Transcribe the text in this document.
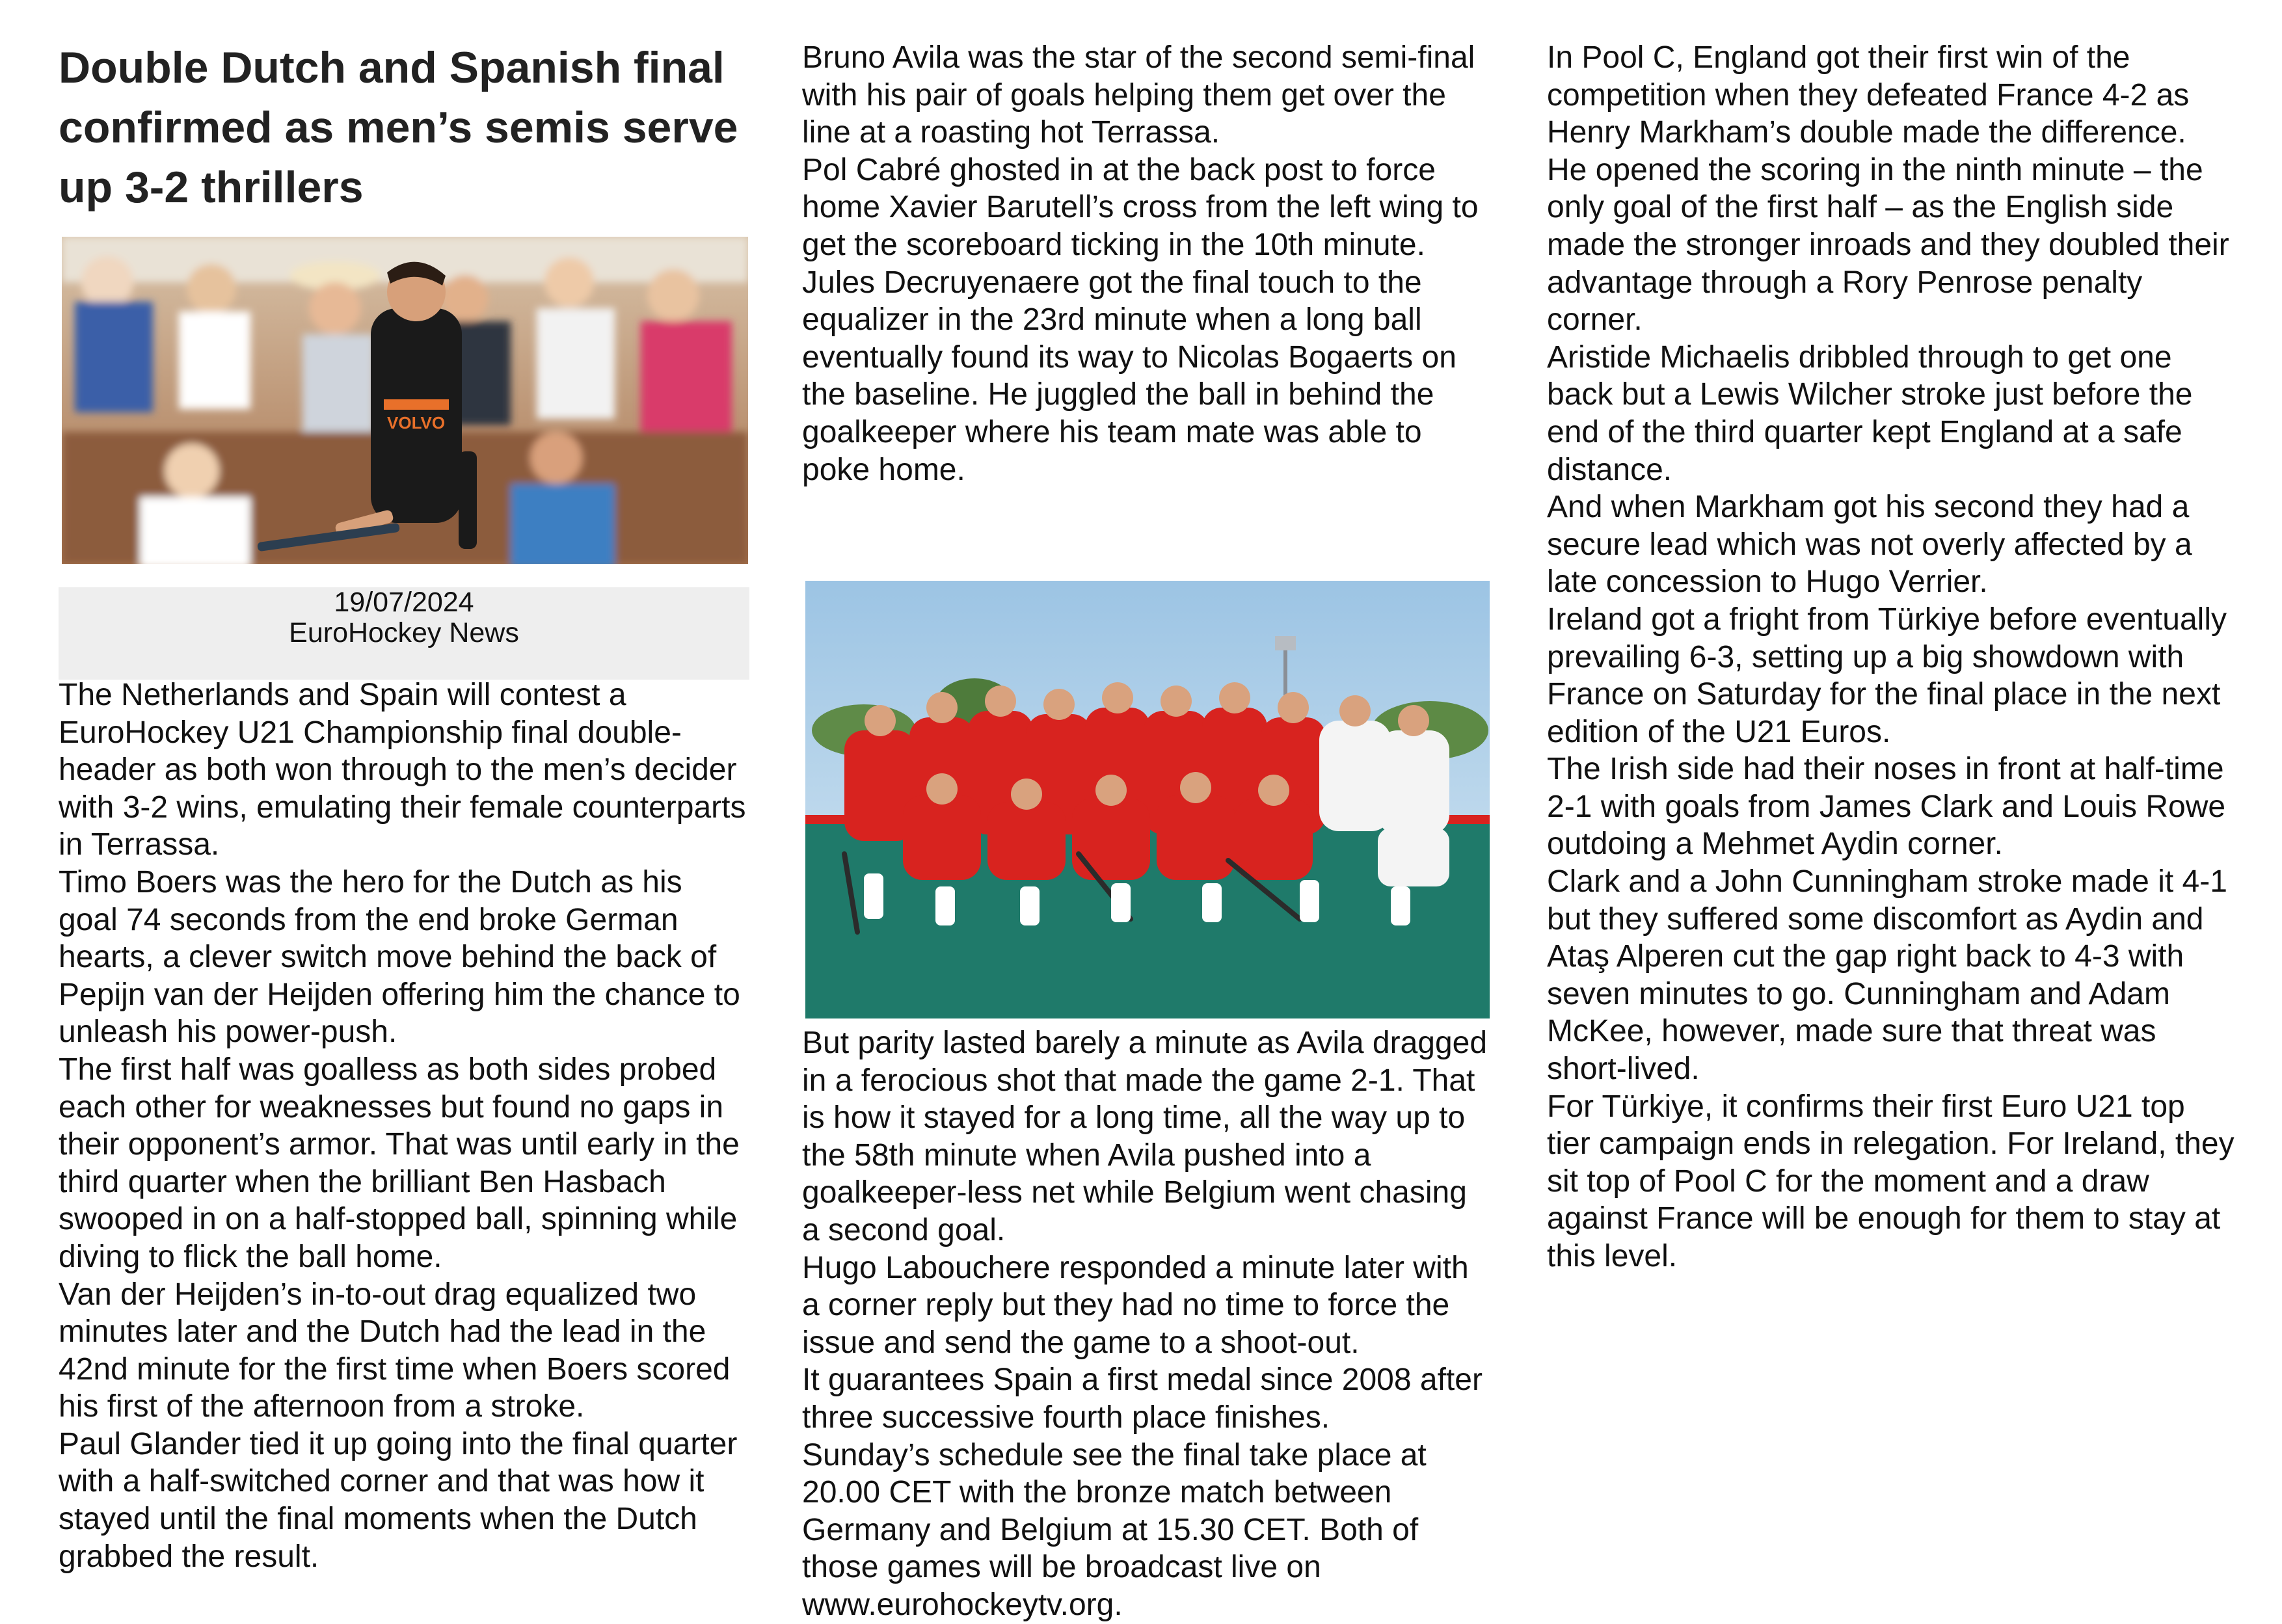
Double Dutch and Spanish final confirmed as men’s semis serve up 3-2 thrillers
VOLVO
19/07/2024
EuroHockey News

The Netherlands and Spain will contest a EuroHockey U21 Championship final double-header as both won through to the men’s decider with 3-2 wins, emulating their female counterparts in Terrassa.

Timo Boers was the hero for the Dutch as his goal 74 seconds from the end broke German hearts, a clever switch move behind the back of Pepijn van der Heijden offering him the chance to unleash his power-push.

The first half was goalless as both sides probed each other for weaknesses but found no gaps in their opponent’s armor. That was until early in the third quarter when the brilliant Ben Hasbach swooped in on a half-stopped ball, spinning while diving to flick the ball home.

Van der Heijden’s in-to-out drag equalized two minutes later and the Dutch had the lead in the 42nd minute for the first time when Boers scored his first of the afternoon from a stroke.

Paul Glander tied it up going into the final quarter with a half-switched corner and that was how it stayed until the final moments when the Dutch grabbed the result.

Bruno Avila was the star of the second semi-final with his pair of goals helping them get over the line at a roasting hot Terrassa.

Pol Cabré ghosted in at the back post to force home Xavier Barutell’s cross from the left wing to get the scoreboard ticking in the 10th minute.

Jules Decruyenaere got the final touch to the equalizer in the 23rd minute when a long ball eventually found its way to Nicolas Bogaerts on the baseline. He juggled the ball in behind the goalkeeper where his team mate was able to poke home.

But parity lasted barely a minute as Avila dragged in a ferocious shot that made the game 2-1. That is how it stayed for a long time, all the way up to the 58th minute when Avila pushed into a goalkeeper-less net while Belgium went chasing a second goal.

Hugo Labouchere responded a minute later with a corner reply but they had no time to force the issue and send the game to a shoot-out.

It guarantees Spain a first medal since 2008 after three successive fourth place finishes.

Sunday’s schedule see the final take place at 20.00 CET with the bronze match between Germany and Belgium at 15.30 CET. Both of those games will be broadcast live on www.eurohockeytv.org.

In Pool C, England got their first win of the competition when they defeated France 4-2 as Henry Markham’s double made the difference.

He opened the scoring in the ninth minute – the only goal of the first half – as the English side made the stronger inroads and they doubled their advantage through a Rory Penrose penalty corner.

Aristide Michaelis dribbled through to get one back but a Lewis Wilcher stroke just before the end of the third quarter kept England at a safe distance.

And when Markham got his second they had a secure lead which was not overly affected by a late concession to Hugo Verrier.

Ireland got a fright from Türkiye before eventually prevailing 6-3, setting up a big showdown with France on Saturday for the final place in the next edition of the U21 Euros.

The Irish side had their noses in front at half-time 2-1 with goals from James Clark and Louis Rowe outdoing a Mehmet Aydin corner.

Clark and a John Cunningham stroke made it 4-1 but they suffered some discomfort as Aydin and Ataş Alperen cut the gap right back to 4-3 with seven minutes to go. Cunningham and Adam McKee, however, made sure that threat was short-lived.

For Türkiye, it confirms their first Euro U21 top tier campaign ends in relegation. For Ireland, they sit top of Pool C for the moment and a draw against France will be enough for them to stay at this level.
